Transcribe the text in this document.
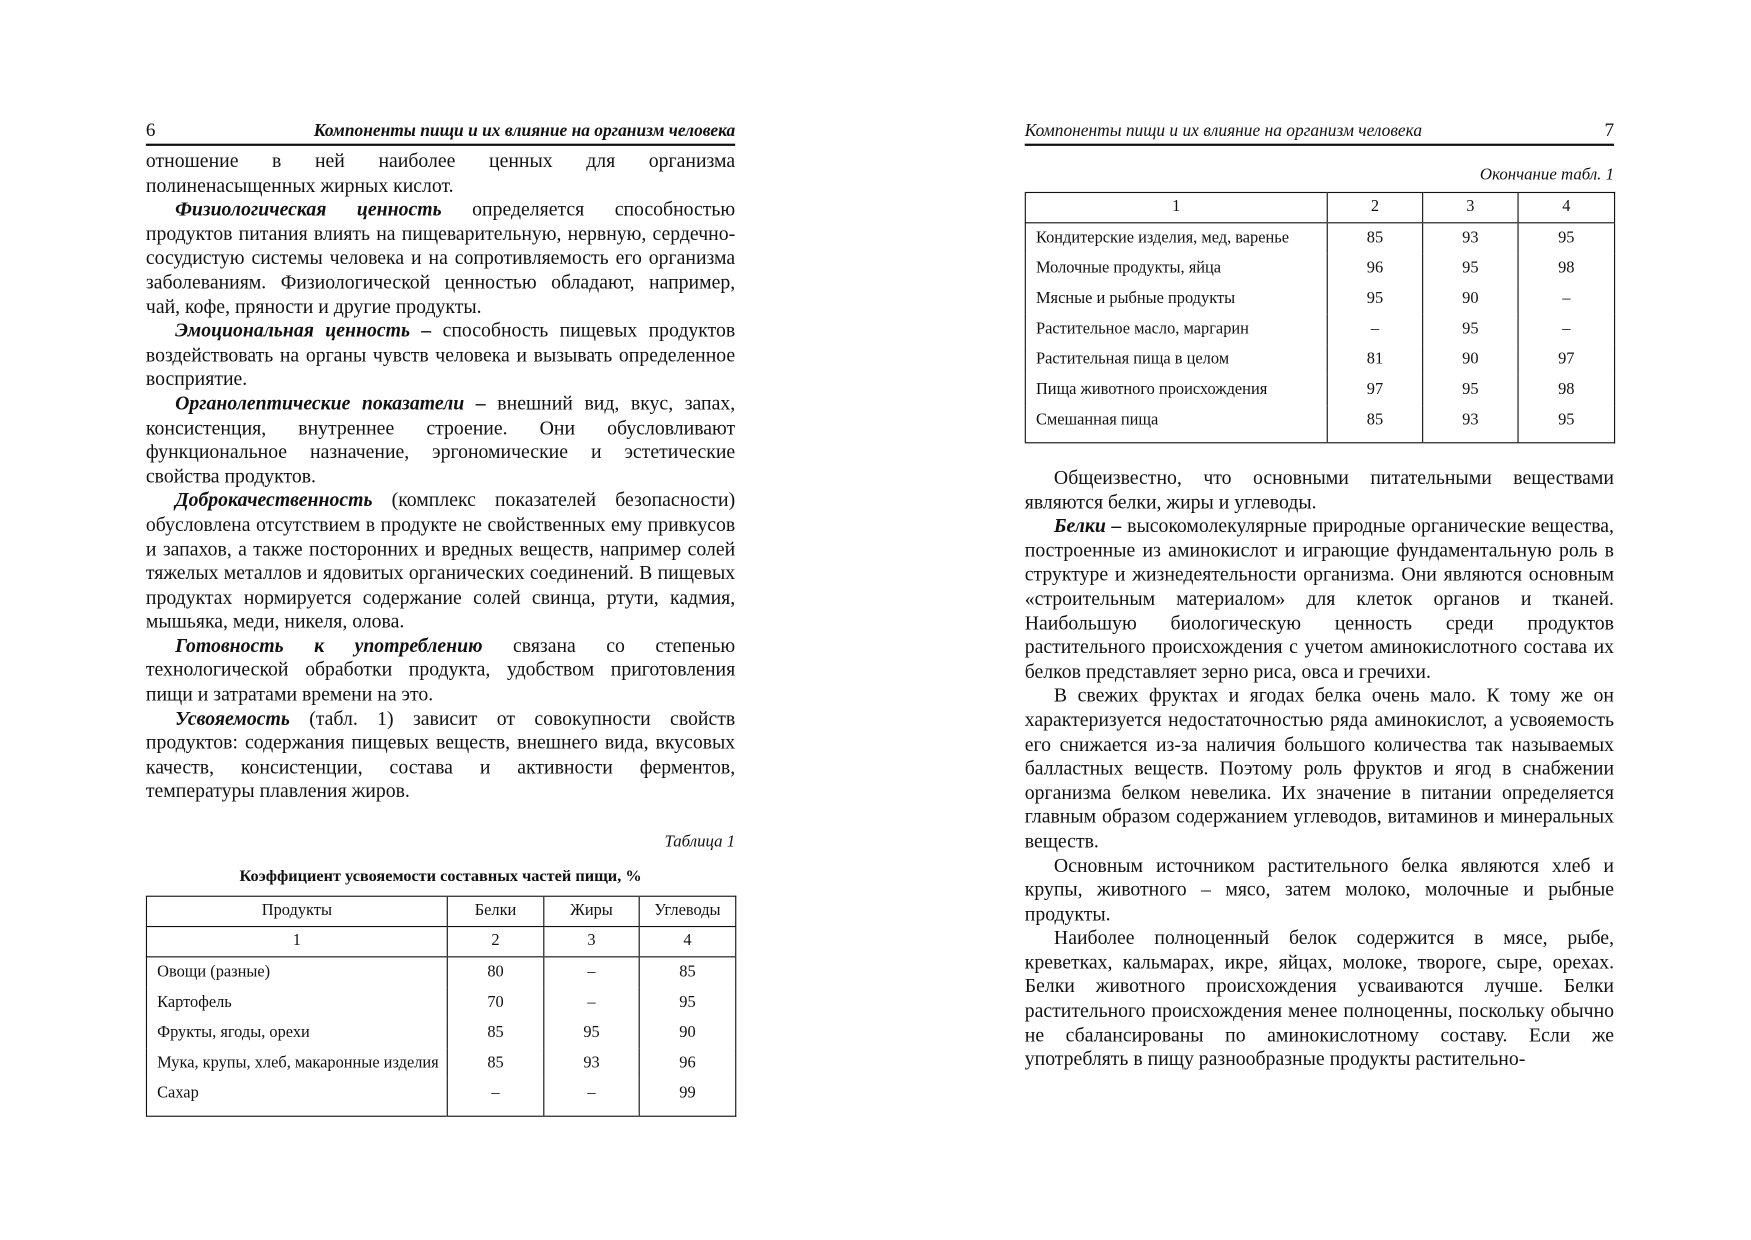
6	Компоненты пищи и их влияние на организм человека

отношение в ней наиболее ценных для организма полиненасыщенных жирных кислот.

Физиологическая ценность определяется способностью продуктов питания влиять на пищеварительную, нервную, сердечно-сосудистую системы человека и на сопротивляемость его организма заболеваниям. Физиологической ценностью обладают, например, чай, кофе, пряности и другие продукты.

Эмоциональная ценность – способность пищевых продуктов воздействовать на органы чувств человека и вызывать определенное восприятие.

Органолептические показатели – внешний вид, вкус, запах, консистенция, внутреннее строение. Они обусловливают функциональное назначение, эргономические и эстетические свойства продуктов.

Доброкачественность (комплекс показателей безопасности) обусловлена отсутствием в продукте не свойственных ему привкусов и запахов, а также посторонних и вредных веществ, например солей тяжелых металлов и ядовитых органических соединений. В пищевых продуктах нормируется содержание солей свинца, ртути, кадмия, мышьяка, меди, никеля, олова.

Готовность к употреблению связана со степенью технологической обработки продукта, удобством приготовления пищи и затратами времени на это.

Усвояемость (табл. 1) зависит от совокупности свойств продуктов: содержания пищевых веществ, внешнего вида, вкусовых качеств, консистенции, состава и активности ферментов, температуры плавления жиров.

Таблица 1
Коэффициент усвояемости составных частей пищи, %
Продукты	Белки	Жиры	Углеводы
1	2	3	4
Овощи (разные)	80	–	85
Картофель	70	–	95
Фрукты, ягоды, орехи	85	95	90
Мука, крупы, хлеб, макаронные изделия	85	93	96
Сахар	–	–	99
Компоненты пищи и их влияние на организм человека	7
Окончание табл. 1
1	2	3	4
Кондитерские изделия, мед, варенье	85	93	95
Молочные продукты, яйца	96	95	98
Мясные и рыбные продукты	95	90	–
Растительное масло, маргарин	–	95	–
Растительная пища в целом	81	90	97
Пища животного происхождения	97	95	98
Смешанная пища	85	93	95

Общеизвестно, что основными питательными веществами являются белки, жиры и углеводы.

Белки – высокомолекулярные природные органические вещества, построенные из аминокислот и играющие фундаментальную роль в структуре и жизнедеятельности организма. Они являются основным «строительным материалом» для клеток органов и тканей. Наибольшую биологическую ценность среди продуктов растительного происхождения с учетом аминокислотного состава их белков представляет зерно риса, овса и гречихи.

В свежих фруктах и ягодах белка очень мало. К тому же он характеризуется недостаточностью ряда аминокислот, а усвояемость его снижается из-за наличия большого количества так называемых балластных веществ. Поэтому роль фруктов и ягод в снабжении организма белком невелика. Их значение в питании определяется главным образом содержанием углеводов, витаминов и минеральных веществ.

Основным источником растительного белка являются хлеб и крупы, животного – мясо, затем молоко, молочные и рыбные продукты.

Наиболее полноценный белок содержится в мясе, рыбе, креветках, кальмарах, икре, яйцах, молоке, твороге, сыре, орехах. Белки животного происхождения усваиваются лучше. Белки растительного происхождения менее полноценны, поскольку обычно не сбалансированы по аминокислотному составу. Если же употреблять в пищу разнообразные продукты растительно-
